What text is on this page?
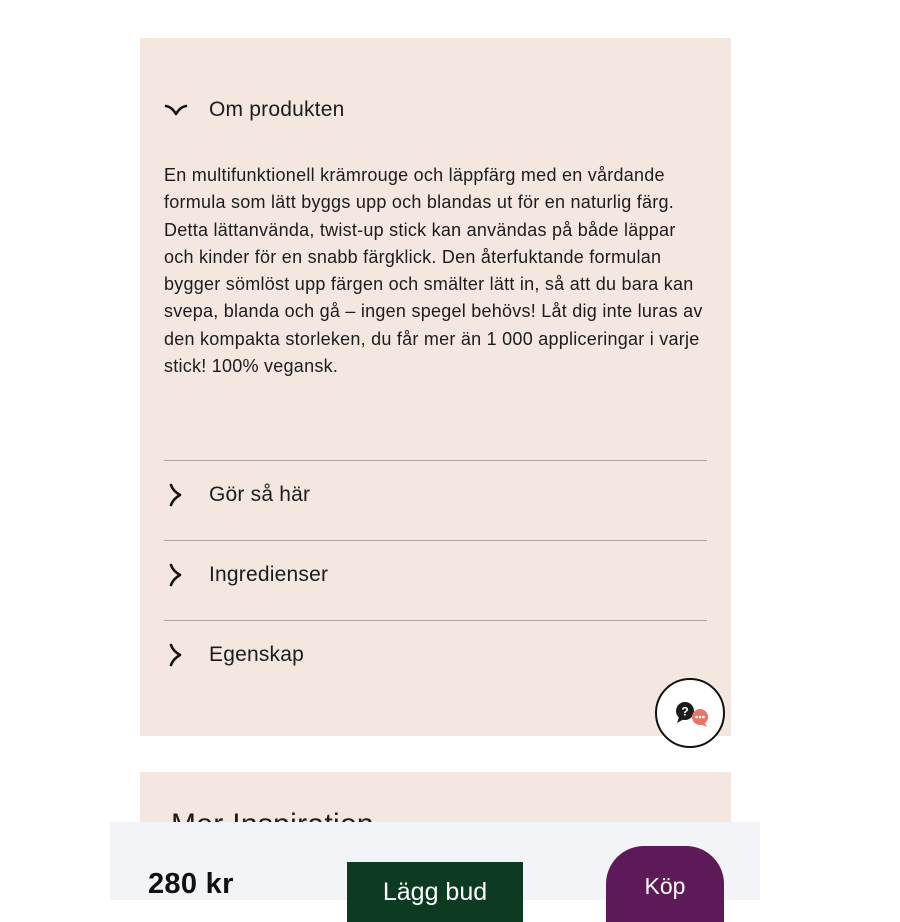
Om produkten

En multifunktionell krämrouge och läppfärg med en vårdande formula som lätt byggs upp och blandas ut för en naturlig färg. Detta lättanvända, twist-up stick kan användas på både läppar och kinder för en snabb färgklick. Den återfuktande formulan bygger sömlöst upp färgen och smälter lätt in, så att du bara kan svepa, blanda och gå – ingen spegel behövs! Låt dig inte luras av den kompakta storleken, du får mer än 1 000 appliceringar i varje stick! 100% vegansk.

Gör så här
Ingredienser
Egenskap
?
280 kr	Lägg bud	Köp
